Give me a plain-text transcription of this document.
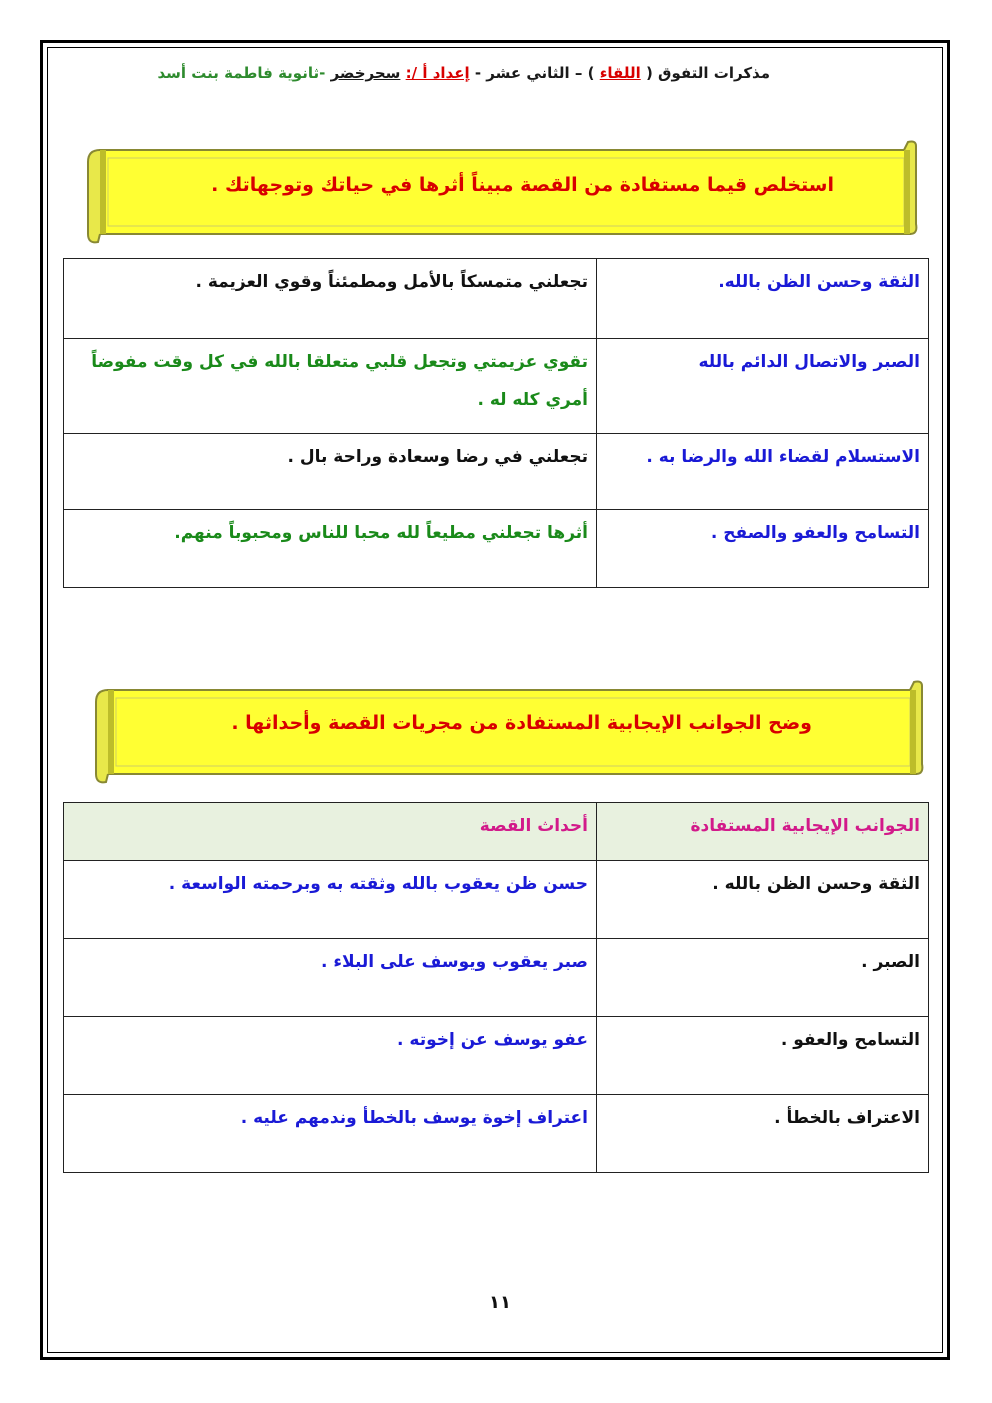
مذكرات التفوق ( اللقاء ) – الثاني عشر - إعداد أ /: سحرخضر -ثانوية فاطمة بنت أسد
استخلص قيما مستفادة من القصة مبيناً أثرها في حياتك وتوجهاتك .
الثقة وحسن الظن بالله.	تجعلني متمسكاً بالأمل ومطمئناً وقوي العزيمة .
الصبر والاتصال الدائم بالله	تقوي عزيمتي وتجعل قلبي متعلقا بالله في كل وقت مفوضاً أمري كله له .
الاستسلام لقضاء الله والرضا به .	تجعلني في رضا وسعادة وراحة بال .
التسامح والعفو والصفح .	أثرها تجعلني مطيعاً لله محبا للناس ومحبوباً منهم.
وضح الجوانب الإيجابية المستفادة من مجريات القصة وأحداثها .
الجوانب الإيجابية المستفادة	أحداث القصة
الثقة وحسن الظن بالله .	حسن ظن يعقوب بالله وثقته به وبرحمته الواسعة .
الصبر .	صبر يعقوب ويوسف على البلاء .
التسامح والعفو .	عفو يوسف عن إخوته .
الاعتراف بالخطأ .	اعتراف إخوة يوسف بالخطأ وندمهم عليه .
١١
